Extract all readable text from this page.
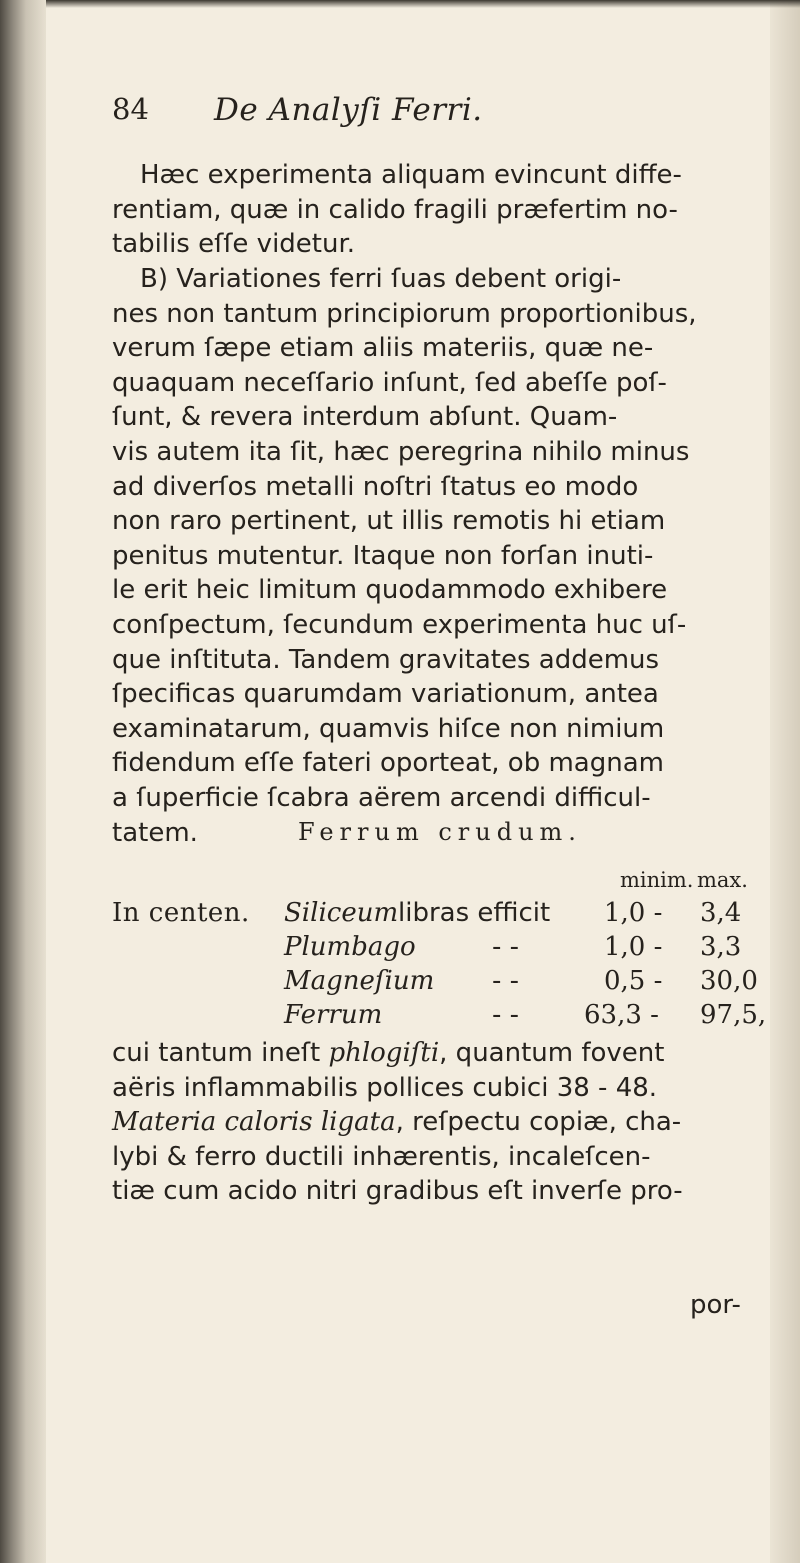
84 De Analyſi Ferri.
Hæc experimenta aliquam evincunt diffe-
rentiam, quæ in calido fragili præfertim no-
tabilis eſſe videtur.
B) Variationes ferri ſuas debent origi-
nes non tantum principiorum proportionibus,
verum ſæpe etiam aliis materiis, quæ ne-
quaquam neceſſario inſunt, ſed abeſſe poſ-
ſunt, & revera interdum abſunt. Quam-
vis autem ita ſit, hæc peregrina nihilo minus
ad diverſos metalli noſtri ſtatus eo modo
non raro pertinent, ut illis remotis hi etiam
penitus mutentur. Itaque non forſan inuti-
le erit heic limitum quodammodo exhibere
conſpectum, ſecundum experimenta huc uſ-
que inſtituta. Tandem gravitates addemus
ſpecificas quarumdam variationum, antea
examinatarum, quamvis hiſce non nimium
fidendum eſſe fateri oporteat, ob magnam
a ſuperficie ſcabra aërem arcendi difficul-
tatem.	Ferrum crudum.
minim. max.
In centen. Siliceum libras efficit 1,0 - 3,4
Plumbago	- -	1,0 - 3,3
Magneſium - -	0,5 - 30,0
Ferrum	- - 63,3 - 97,5,
cui tantum ineſt phlogiſti, quantum fovent
aëris inflammabilis pollices cubici 38 - 48.
Materia caloris ligata, reſpectu copiæ, cha-
lybi & ferro ductili inhærentis, incaleſcen-
tiæ cum acido nitri gradibus eſt inverſe pro-
por-
